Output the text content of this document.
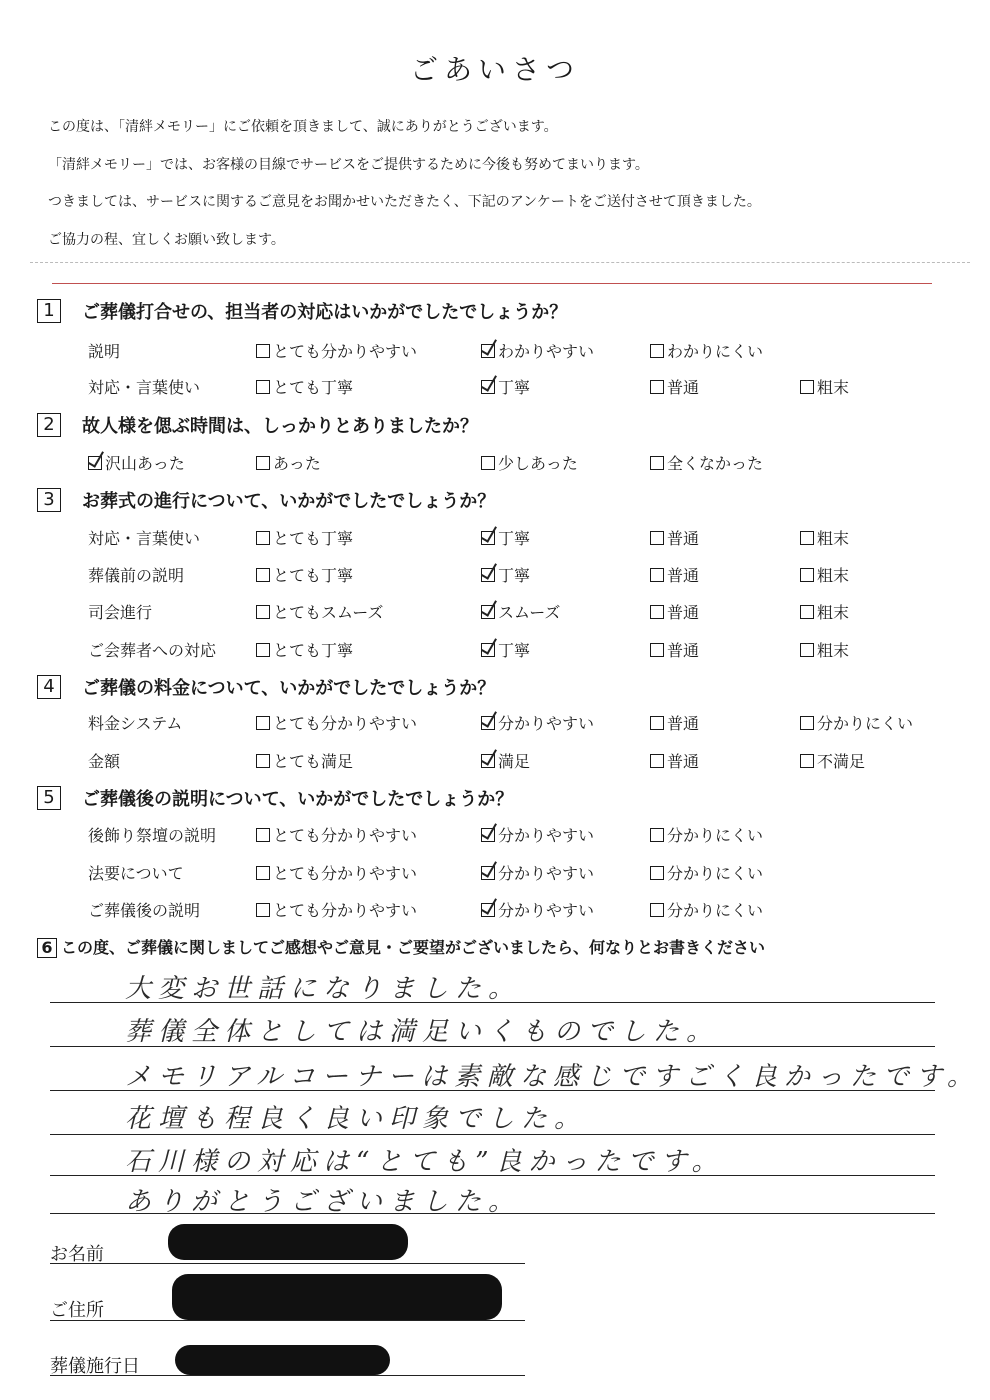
ごあいさつ
この度は、「清絆メモリー」にご依頼を頂きまして、誠にありがとうございます。
「清絆メモリー」では、お客様の目線でサービスをご提供するために今後も努めてまいります。
つきましては、サービスに関するご意見をお聞かせいただきたく、下記のアンケートをご送付させて頂きました。
ご協力の程、宜しくお願い致します。
1	ご葬儀打合せの、担当者の対応はいかがでしたでしょうか？
説明	とても分かりやすい	わかりやすい	わかりにくい
対応・言葉使い	とても丁寧	丁寧	普通	粗末
2	故人様を偲ぶ時間は、しっかりとありましたか？
沢山あった	あった	少しあった	全くなかった
3	お葬式の進行について、いかがでしたでしょうか？
対応・言葉使い	とても丁寧	丁寧	普通	粗末
葬儀前の説明	とても丁寧	丁寧	普通	粗末
司会進行	とてもスムーズ	スムーズ	普通	粗末
ご会葬者への対応	とても丁寧	丁寧	普通	粗末
4	ご葬儀の料金について、いかがでしたでしょうか？
料金システム	とても分かりやすい	分かりやすい	普通	分かりにくい
金額	とても満足	満足	普通	不満足
5	ご葬儀後の説明について、いかがでしたでしょうか？
後飾り祭壇の説明	とても分かりやすい	分かりやすい	分かりにくい
法要について	とても分かりやすい	分かりやすい	分かりにくい
ご葬儀後の説明	とても分かりやすい	分かりやすい	分かりにくい
6 この度、ご葬儀に関しましてご感想やご意見・ご要望がございましたら、何なりとお書きください
大変お世話になりました。
葬儀全体としては満足いくものでした。
メモリアルコーナーは素敵な感じですごく良かったです。
花壇も程良く良い印象でした。
石川様の対応は“とても”良かったです。
ありがとうございました。
お名前
ご住所
葬儀施行日
